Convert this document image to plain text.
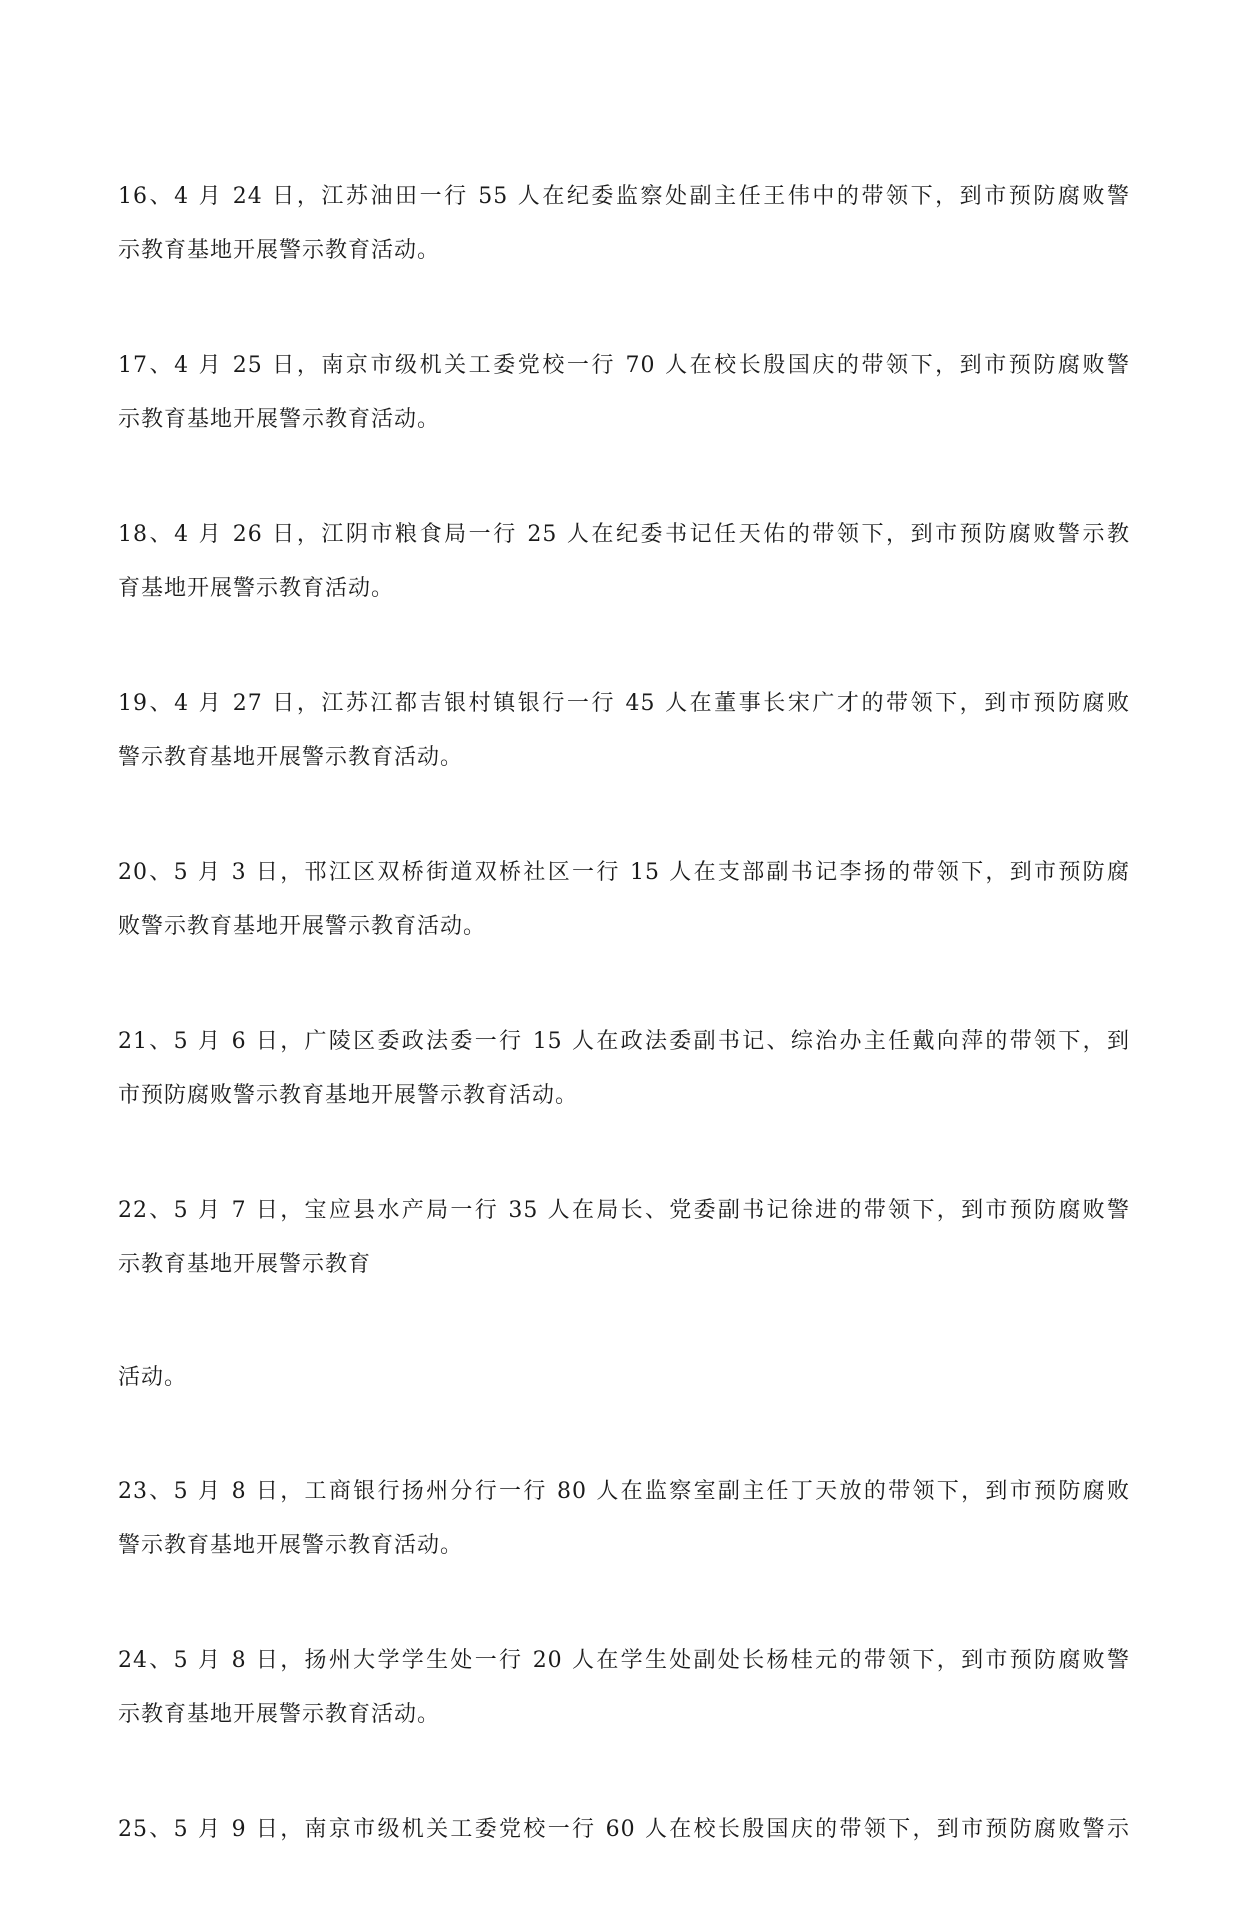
16、4 月 24 日，江苏油田一行 55 人在纪委监察处副主任王伟中的带领下，到市预防腐败警
示教育基地开展警示教育活动。
17、4 月 25 日，南京市级机关工委党校一行 70 人在校长殷国庆的带领下，到市预防腐败警
示教育基地开展警示教育活动。
18、4 月 26 日，江阴市粮食局一行 25 人在纪委书记任天佑的带领下，到市预防腐败警示教
育基地开展警示教育活动。
19、4 月 27 日，江苏江都吉银村镇银行一行 45 人在董事长宋广才的带领下，到市预防腐败
警示教育基地开展警示教育活动。
20、5 月 3 日，邗江区双桥街道双桥社区一行 15 人在支部副书记李扬的带领下，到市预防腐
败警示教育基地开展警示教育活动。
21、5 月 6 日，广陵区委政法委一行 15 人在政法委副书记、综治办主任戴向萍的带领下，到
市预防腐败警示教育基地开展警示教育活动。
22、5 月 7 日，宝应县水产局一行 35 人在局长、党委副书记徐进的带领下，到市预防腐败警
示教育基地开展警示教育
活动。
23、5 月 8 日，工商银行扬州分行一行 80 人在监察室副主任丁天放的带领下，到市预防腐败
警示教育基地开展警示教育活动。
24、5 月 8 日，扬州大学学生处一行 20 人在学生处副处长杨桂元的带领下，到市预防腐败警
示教育基地开展警示教育活动。
25、5 月 9 日，南京市级机关工委党校一行 60 人在校长殷国庆的带领下，到市预防腐败警示
